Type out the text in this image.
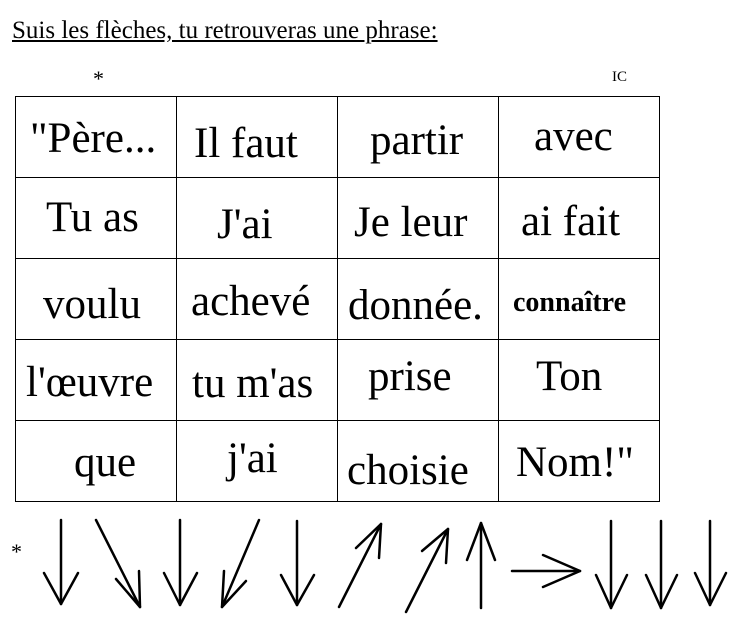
Suis les flèches, tu retrouveras une phrase:
*	IC
"Père...	Il faut	partir	avec

Tu as	J'ai	Je leur	ai fait

voulu	achevé	donnée.	connaître

l'œuvre	tu m'as	prise	Ton

que	j'ai	choisie	Nom!"
*
